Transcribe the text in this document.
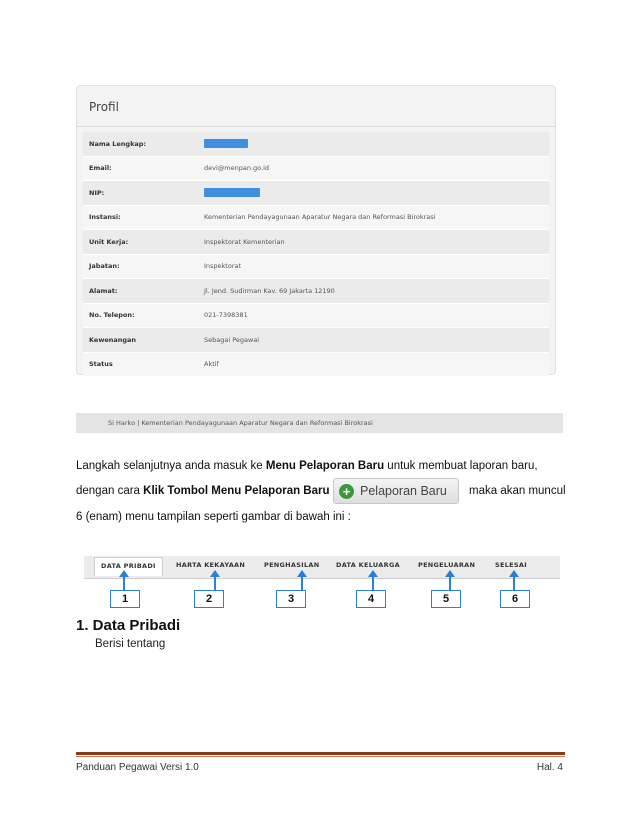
Profil
Nama Lengkap:
Email:	devi@menpan.go.id
NIP:
Instansi:	Kementerian Pendayagunaan Aparatur Negara dan Reformasi Birokrasi
Unit Kerja:	Inspektorat Kementerian
Jabatan:	Inspektorat
Alamat:	Jl. Jend. Sudirman Kav. 69 Jakarta 12190
No. Telepon:	021-7398381
Kewenangan	Sebagai Pegawai
Status	Aktif
Si Harko | Kementerian Pendayagunaan Aparatur Negara dan Reformasi Birokrasi
Langkah selanjutnya anda masuk ke Menu Pelaporan Baru untuk membuat laporan baru,
dengan cara Klik Tombol Menu Pelaporan Baru + Pelaporan Baru maka akan muncul
6 (enam) menu tampilan seperti gambar di bawah ini :
DATA PRIBADI	HARTA KEKAYAAN	PENGHASILAN	DATA KELUARGA	PENGELUARAN	SELESAI
1	2	3	4	5	6
1. Data Pribadi
Berisi tentang
Panduan Pegawai Versi 1.0	Hal. 4
